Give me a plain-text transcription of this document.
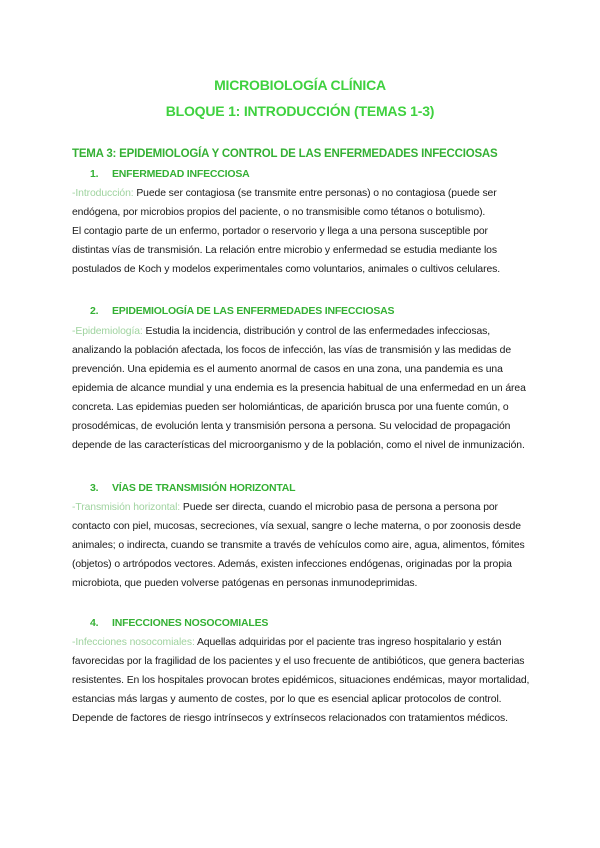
MICROBIOLOGÍA CLÍNICA
BLOQUE 1: INTRODUCCIÓN (TEMAS 1-3)
TEMA 3: EPIDEMIOLOGÍA Y CONTROL DE LAS ENFERMEDADES INFECCIOSAS
1. ENFERMEDAD INFECCIOSA
-Introducción: Puede ser contagiosa (se transmite entre personas) o no contagiosa (puede ser
endógena, por microbios propios del paciente, o no transmisible como tétanos o botulismo).
El contagio parte de un enfermo, portador o reservorio y llega a una persona susceptible por
distintas vías de transmisión. La relación entre microbio y enfermedad se estudia mediante los
postulados de Koch y modelos experimentales como voluntarios, animales o cultivos celulares.
2. EPIDEMIOLOGÍA DE LAS ENFERMEDADES INFECCIOSAS
-Epidemiología: Estudia la incidencia, distribución y control de las enfermedades infecciosas,
analizando la población afectada, los focos de infección, las vías de transmisión y las medidas de
prevención. Una epidemia es el aumento anormal de casos en una zona, una pandemia es una
epidemia de alcance mundial y una endemia es la presencia habitual de una enfermedad en un área
concreta. Las epidemias pueden ser holomiánticas, de aparición brusca por una fuente común, o
prosodémicas, de evolución lenta y transmisión persona a persona. Su velocidad de propagación
depende de las características del microorganismo y de la población, como el nivel de inmunización.
3. VÍAS DE TRANSMISIÓN HORIZONTAL
-Transmisión horizontal: Puede ser directa, cuando el microbio pasa de persona a persona por
contacto con piel, mucosas, secreciones, vía sexual, sangre o leche materna, o por zoonosis desde
animales; o indirecta, cuando se transmite a través de vehículos como aire, agua, alimentos, fómites
(objetos) o artrópodos vectores. Además, existen infecciones endógenas, originadas por la propia
microbiota, que pueden volverse patógenas en personas inmunodeprimidas.
4. INFECCIONES NOSOCOMIALES
-Infecciones nosocomiales: Aquellas adquiridas por el paciente tras ingreso hospitalario y están
favorecidas por la fragilidad de los pacientes y el uso frecuente de antibióticos, que genera bacterias
resistentes. En los hospitales provocan brotes epidémicos, situaciones endémicas, mayor mortalidad,
estancias más largas y aumento de costes, por lo que es esencial aplicar protocolos de control.
Depende de factores de riesgo intrínsecos y extrínsecos relacionados con tratamientos médicos.
